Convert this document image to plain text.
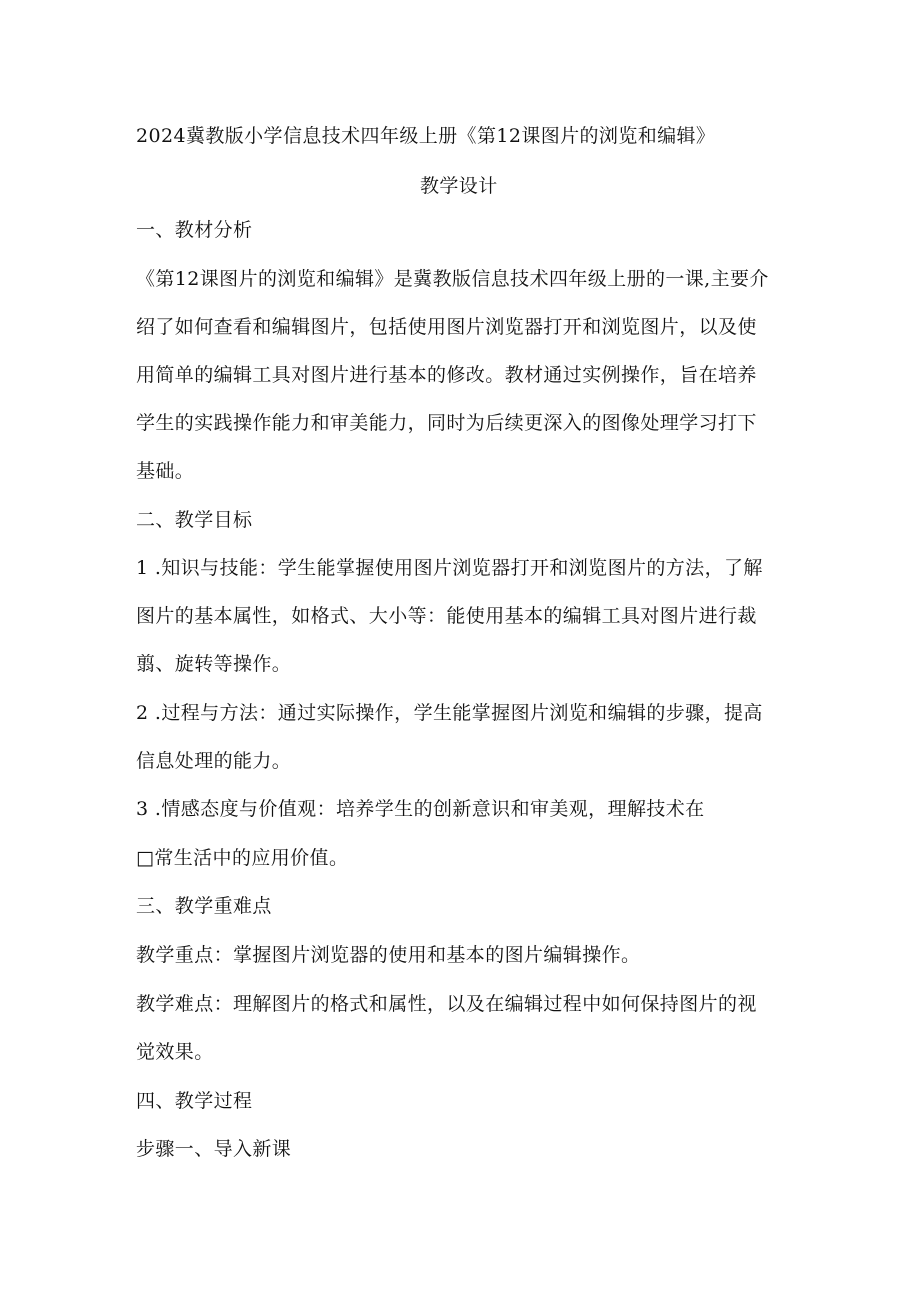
2024冀教版小学信息技术四年级上册《第12课图片的浏览和编辑》
教学设计
一、教材分析
《第12课图片的浏览和编辑》是冀教版信息技术四年级上册的一课,主要介
绍了如何查看和编辑图片，包括使用图片浏览器打开和浏览图片，以及使
用简单的编辑工具对图片进行基本的修改。教材通过实例操作，旨在培养
学生的实践操作能力和审美能力，同时为后续更深入的图像处理学习打下
基础。
二、教学目标
1 .知识与技能：学生能掌握使用图片浏览器打开和浏览图片的方法，了解
图片的基本属性，如格式、大小等：能使用基本的编辑工具对图片进行裁
翦、旋转等操作。
2 .过程与方法：通过实际操作，学生能掌握图片浏览和编辑的步骤，提高
信息处理的能力。
3 .情感态度与价值观：培养学生的创新意识和审美观，理解技术在
□常生活中的应用价值。
三、教学重难点
教学重点：掌握图片浏览器的使用和基本的图片编辑操作。
教学难点：理解图片的格式和属性，以及在编辑过程中如何保持图片的视
觉效果。
四、教学过程
步骤一、导入新课
